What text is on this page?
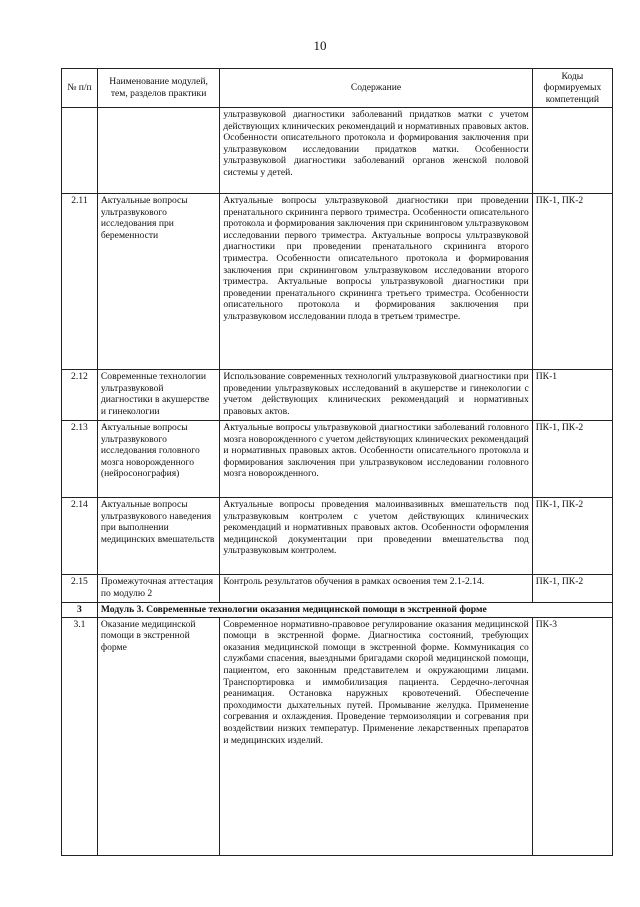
10
№ п/п	Наименование модулей, тем, разделов практики	Содержание	Коды формируемых компетенций
		ультразвуковой диагностики заболеваний придатков матки с учетом действующих клинических рекомендаций и нормативных правовых актов. Особенности описательного протокола и формирования заключения при ультразвуковом исследовании придатков матки. Особенности ультразвуковой диагностики заболеваний органов женской половой системы у детей.	
2.11	Актуальные вопросы ультразвукового исследования при беременности	Актуальные вопросы ультразвуковой диагностики при проведении пренатального скрининга первого триместра. Особенности описательного протокола и формирования заключения при скрининговом ультразвуковом исследовании первого триместра. Актуальные вопросы ультразвуковой диагностики при проведении пренатального скрининга второго триместра. Особенности описательного протокола и формирования заключения при скрининговом ультразвуковом исследовании второго триместра. Актуальные вопросы ультразвуковой диагностики при проведении пренатального скрининга третьего триместра. Особенности описательного протокола и формирования заключения при ультразвуковом исследовании плода в третьем триместре.	ПК-1, ПК-2
2.12	Современные технологии ультразвуковой диагностики в акушерстве и гинекологии	Использование современных технологий ультразвуковой диагностики при проведении ультразвуковых исследований в акушерстве и гинекологии с учетом действующих клинических рекомендаций и нормативных правовых актов.	ПК-1
2.13	Актуальные вопросы ультразвукового исследования головного мозга новорожденного (нейросонография)	Актуальные вопросы ультразвуковой диагностики заболеваний головного мозга новорожденного с учетом действующих клинических рекомендаций и нормативных правовых актов. Особенности описательного протокола и формирования заключения при ультразвуковом исследовании головного мозга новорожденного.	ПК-1, ПК-2
2.14	Актуальные вопросы ультразвукового наведения при выполнении медицинских вмешательств	Актуальные вопросы проведения малоинвазивных вмешательств под ультразвуковым контролем с учетом действующих клинических рекомендаций и нормативных правовых актов. Особенности оформления медицинской документации при проведении вмешательства под ультразвуковым контролем.	ПК-1, ПК-2
2.15	Промежуточная аттестация по модулю 2	Контроль результатов обучения в рамках освоения тем 2.1-2.14.	ПК-1, ПК-2
3	Модуль 3. Современные технологии оказания медицинской помощи в экстренной форме		
3.1	Оказание медицинской помощи в экстренной форме	Современное нормативно-правовое регулирование оказания медицинской помощи в экстренной форме. Диагностика состояний, требующих оказания медицинской помощи в экстренной форме. Коммуникация со службами спасения, выездными бригадами скорой медицинской помощи, пациентом, его законным представителем и окружающими лицами. Транспортировка и иммобилизация пациента. Сердечно-легочная реанимация. Остановка наружных кровотечений. Обеспечение проходимости дыхательных путей. Промывание желудка. Применение согревания и охлаждения. Проведение термоизоляции и согревания при воздействии низких температур. Применение лекарственных препаратов и медицинских изделий.	ПК-3
